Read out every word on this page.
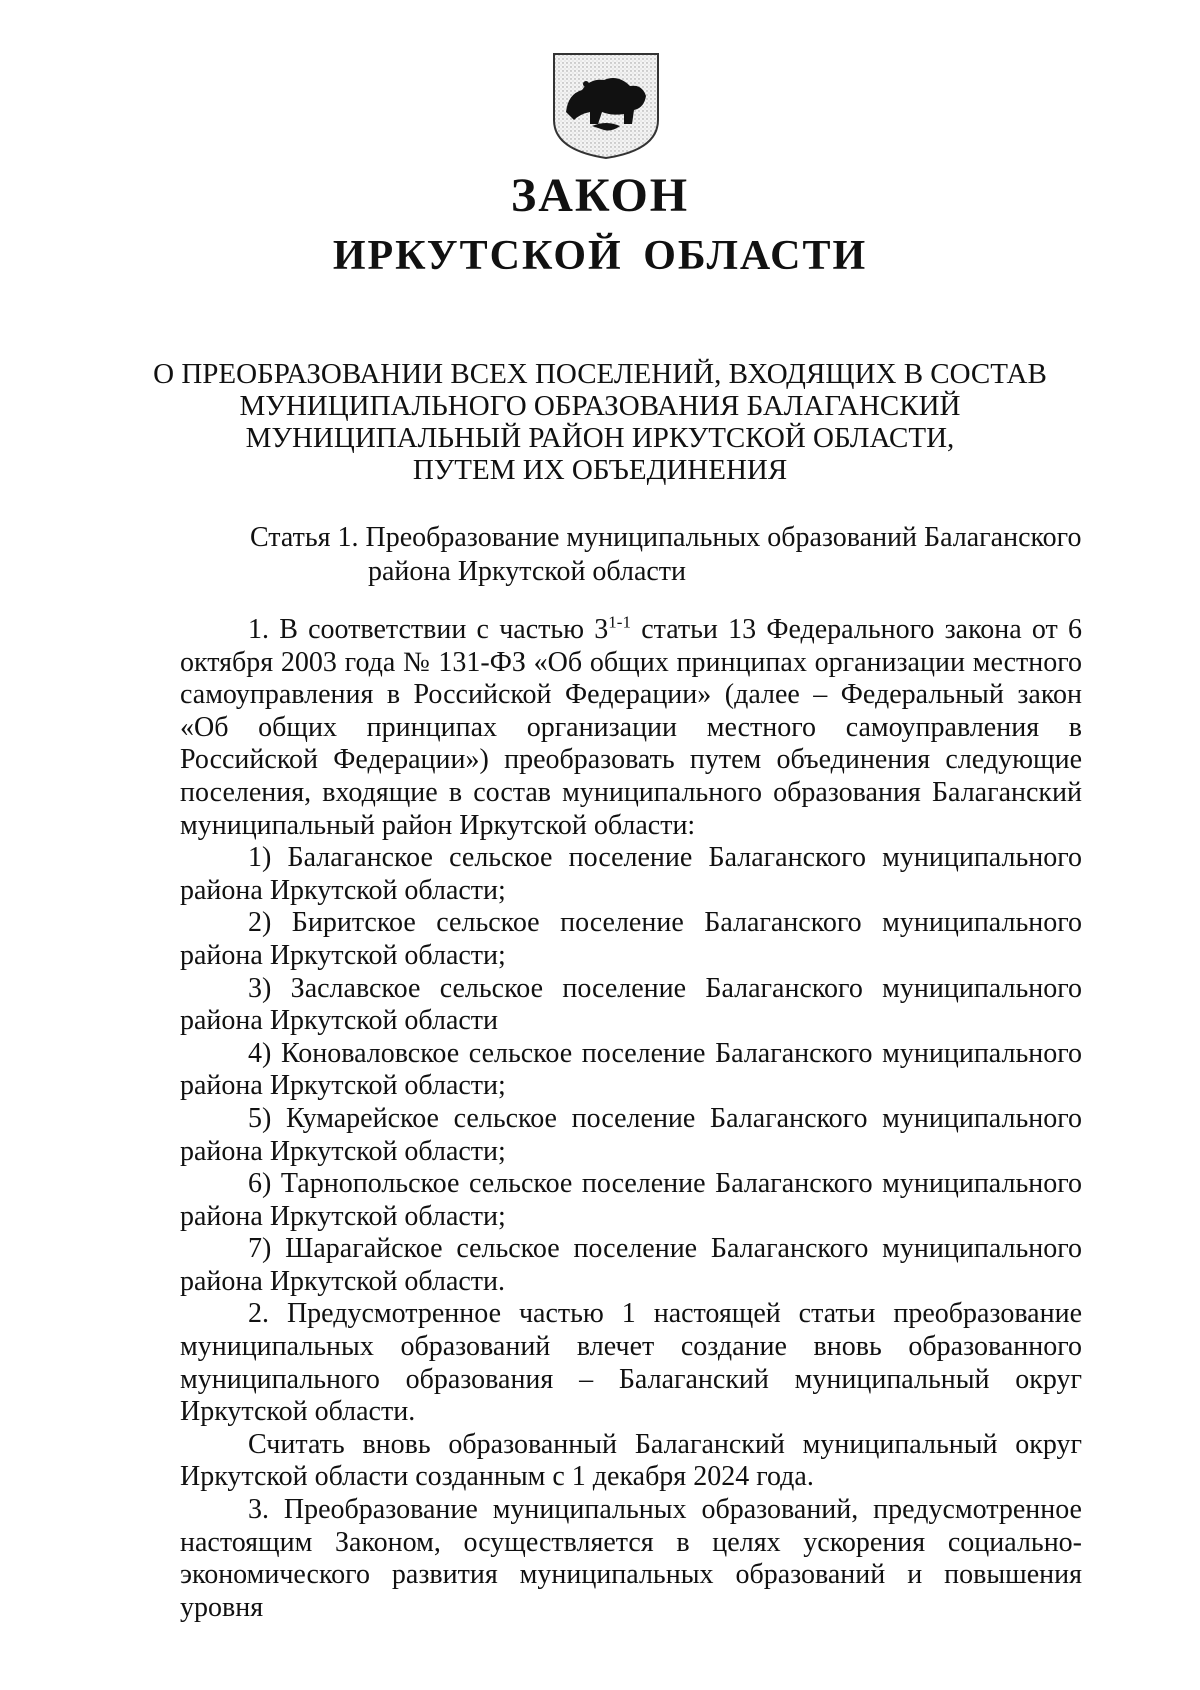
ЗАКОН
ИРКУТСКОЙ ОБЛАСТИ
О ПРЕОБРАЗОВАНИИ ВСЕХ ПОСЕЛЕНИЙ, ВХОДЯЩИХ В СОСТАВ
МУНИЦИПАЛЬНОГО ОБРАЗОВАНИЯ БАЛАГАНСКИЙ
МУНИЦИПАЛЬНЫЙ РАЙОН ИРКУТСКОЙ ОБЛАСТИ,
ПУТЕМ ИХ ОБЪЕДИНЕНИЯ
Статья 1. Преобразование муниципальных образований Балаганского
района Иркутской области

1. В соответствии с частью 3$^{1-1}$ статьи 13 Федерального закона от 6 октября 2003 года № 131-ФЗ «Об общих принципах организации местного самоуправления в Российской Федерации» (далее – Федеральный закон «Об общих принципах организации местного самоуправления в Российской Федерации») преобразовать путем объединения следующие поселения, входящие в состав муниципального образования Балаганский муниципальный район Иркутской области:

1) Балаганское сельское поселение Балаганского муниципального района Иркутской области;

2) Биритское сельское поселение Балаганского муниципального района Иркутской области;

3) Заславское сельское поселение Балаганского муниципального района Иркутской области

4) Коноваловское сельское поселение Балаганского муниципального района Иркутской области;

5) Кумарейское сельское поселение Балаганского муниципального района Иркутской области;

6) Тарнопольское сельское поселение Балаганского муниципального района Иркутской области;

7) Шарагайское сельское поселение Балаганского муниципального района Иркутской области.

2. Предусмотренное частью 1 настоящей статьи преобразование муниципальных образований влечет создание вновь образованного муниципального образования – Балаганский муниципальный округ Иркутской области.

Считать вновь образованный Балаганский муниципальный округ Иркутской области созданным с 1 декабря 2024 года.

3. Преобразование муниципальных образований, предусмотренное настоящим Законом, осуществляется в целях ускорения социально-экономического развития муниципальных образований и повышения уровня
